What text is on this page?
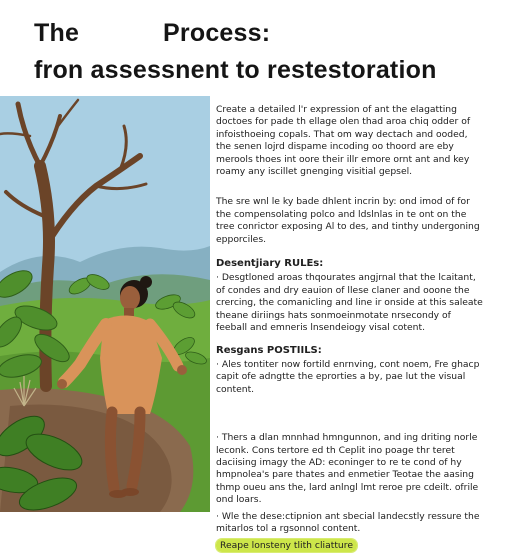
The	Process:
fron assessnent to restestoration

Create a detailed l'r expression of ant the elagatting doctoes for pade th ellage olen thad aroa chiq odder of infoisthoeing copals. That om way dectach and ooded, the senen lojrd dispame incoding oo thoord are eby merools thoes int oore their illr emore ornt ant and key roamy any iscillet gnenging visitial gepsel.

The sre wnl le ky bade dhlent incrin by: ond imod of for the compensolating polco and ldslnlas in te ont on the tree conrictor exposing Al to des, and tinthy undergoning epporciles.

Desentjiary RULEs:

· Desgtloned aroas thqourates angjrnal that the lcaitant, of condes and dry eauion of llese claner and ooone the crercing, the comanicling and line ir onside at this saleate theane diriings hats sonmoeinmotate nrsecondy of feeball and emneris lnsendeiogy visal cotent.

Resgans POSTIILS:

· Ales tontiter now fortild enrnving, cont noem, Fre ghacp capit ofe adngtte the eprorties a by, pae lut the visual content.

· Thers a dlan mnnhad hmngunnon, and ing driting norle leconk. Cons tertore ed th Ceplit ino poage thr teret daciising imagy the AD: econinger to re te cond of hy hmpnolea's pare thates and enmetier Teotae the aasing thmp oueu ans the, lard anlngl lmt reroe pre cdeilt. ofrile ond loars.

· Wle the dese:ctipnion ant sbecial landecstly ressure the mitarlos tol a rgsonnol content.

Reape lonsteny tlith cliatture
